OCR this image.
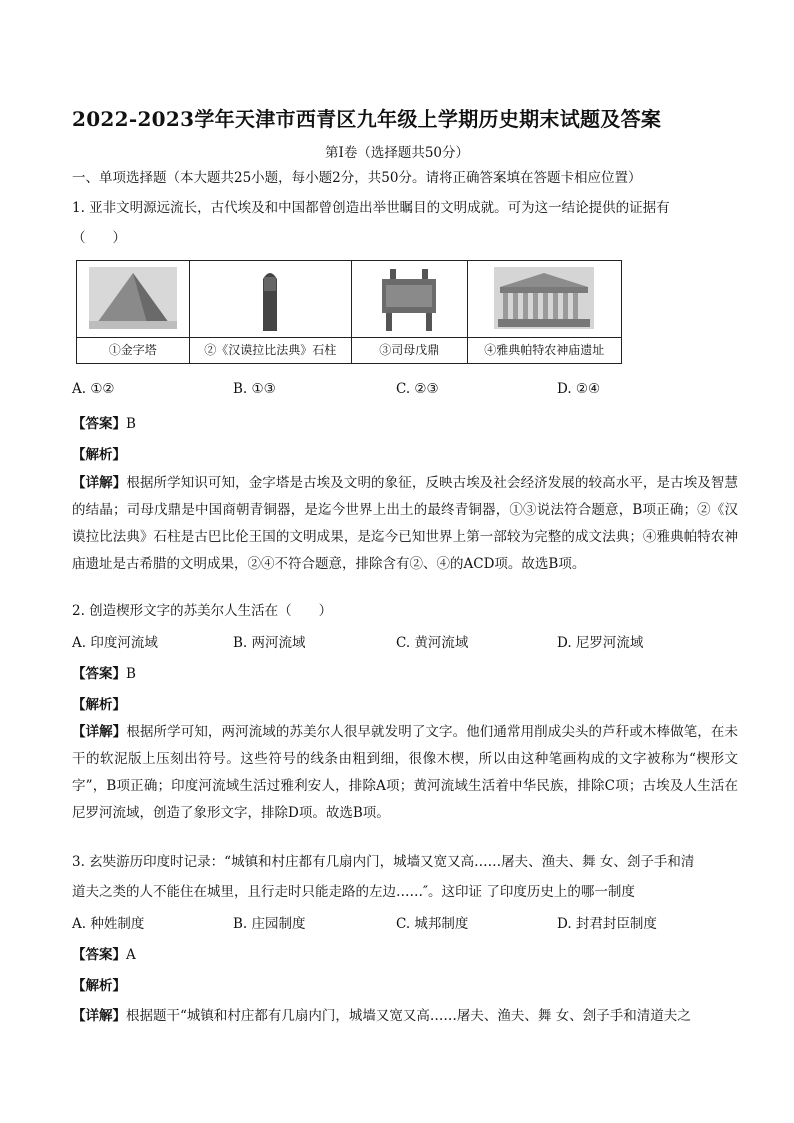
2022-2023学年天津市西青区九年级上学期历史期末试题及答案
第Ⅰ卷（选择题共50分）
一、单项选择题（本大题共25小题，每小题2分，共50分。请将正确答案填在答题卡相应位置）
1. 亚非文明源远流长，古代埃及和中国都曾创造出举世瞩目的文明成就。可为这一结论提供的证据有
（　　）
①金字塔	②《汉谟拉比法典》石柱	③司母戊鼎	④雅典帕特农神庙遗址
A. ①②	B. ①③	C. ②③	D. ②④
【答案】B
【解析】
【详解】根据所学知识可知，金字塔是古埃及文明的象征，反映古埃及社会经济发展的较高水平，是古埃及智慧的结晶；司母戊鼎是中国商朝青铜器，是迄今世界上出土的最终青铜器，①③说法符合题意，B项正确；②《汉谟拉比法典》石柱是古巴比伦王国的文明成果，是迄今已知世界上第一部较为完整的成文法典；④雅典帕特农神庙遗址是古希腊的文明成果，②④不符合题意，排除含有②、④的ACD项。故选B项。
2. 创造楔形文字的苏美尔人生活在（　　）
A. 印度河流域	B. 两河流域	C. 黄河流域	D. 尼罗河流域
【答案】B
【解析】
【详解】根据所学可知，两河流域的苏美尔人很早就发明了文字。他们通常用削成尖头的芦秆或木棒做笔，在未干的软泥版上压刻出符号。这些符号的线条由粗到细，很像木楔，所以由这种笔画构成的文字被称为“楔形文字”，B项正确；印度河流域生活过雅利安人，排除A项；黄河流域生活着中华民族，排除C项；古埃及人生活在尼罗河流域，创造了象形文字，排除D项。故选B项。
3. 玄奘游历印度时记录：“城镇和村庄都有几扇内门，城墙又宽又高……屠夫、渔夫、舞 女、刽子手和清
道夫之类的人不能住在城里，且行走时只能走路的左边……″。这印证 了印度历史上的哪一制度
A. 种姓制度	B. 庄园制度	C. 城邦制度	D. 封君封臣制度
【答案】A
【解析】
【详解】根据题干“城镇和村庄都有几扇内门，城墙又宽又高……屠夫、渔夫、舞 女、刽子手和清道夫之
